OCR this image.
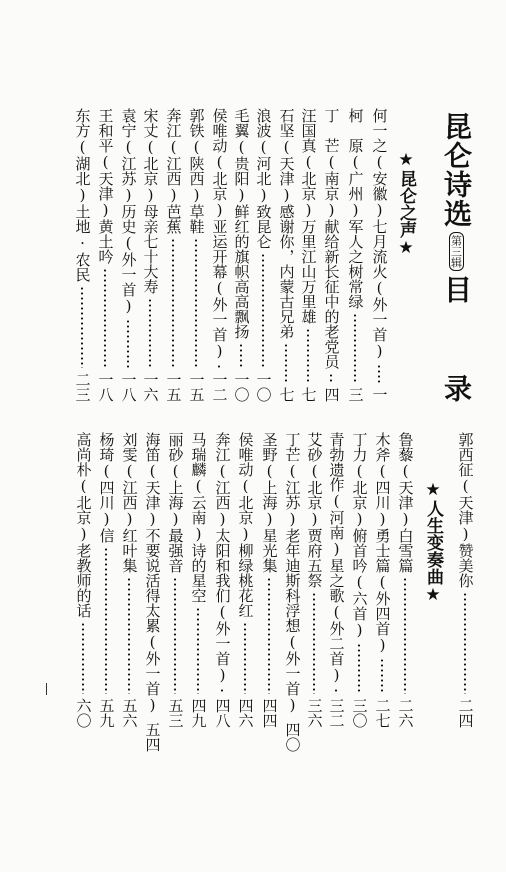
昆仑诗选
第三辑
目
录
★昆仑之声★
何一之(安徽)七月流火(外一首)
一
柯　原(广州)军人之树常绿
三
丁　芒(南京)献给新长征中的老党员
四
汪国真(北京)万里江山万里雄
七
石坚(天津)感谢你，内蒙古兄弟
七
浪波(河北)致昆仑
一〇
毛翼(贵阳)鲜红的旗帜高高飘扬
一〇
侯唯动(北京)亚运开幕(外一首)
一二
郭铁(陕西)草鞋
一五
奔江(江西)芭蕉
一五
宋丈(北京)母亲七十大寿
一六
袁宁(江苏)历史(外一首)
一八
王和平(天津)黄土吟
一八
东方(湖北)土地·农民
二三
郭西征(天津)赞美你
二四
★人生变奏曲★
鲁藜(天津)白雪篇
二六
木斧(四川)勇士篇(外四首)
二七
丁力(北京)俯首吟(六首)
三〇
青勃遗作(河南)星之歌(外二首)
三二
艾砂(北京)贾府五祭
三六
丁芒(江苏)老年迪斯科浮想(外一首)
四〇
圣野(上海)星光集
四四
侯唯动(北京)柳绿桃花红
四六
奔江(江西)太阳和我们(外一首)
四八
马瑞麟(云南)诗的星空
四九
丽砂(上海)最强音
五三
海笛(天津)不要说活得太累(外一首)
五四
刘雯(江西)红叶集
五六
杨琦(四川)信
五九
高尚朴(北京)老教师的话
六〇
